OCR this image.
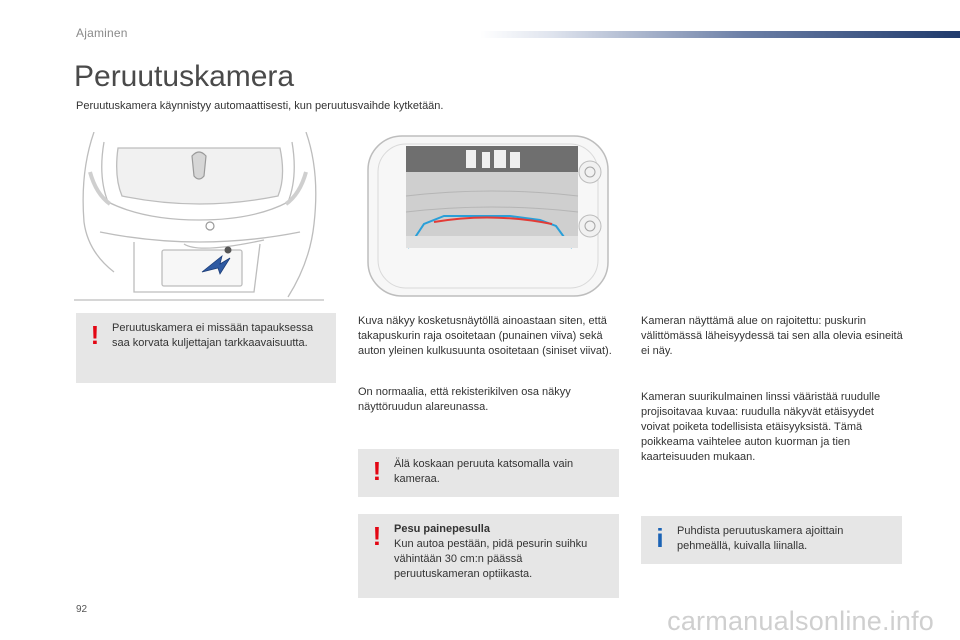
Ajaminen
Peruutuskamera

Peruutuskamera käynnistyy automaattisesti, kun peruutusvaihde kytketään.

!	Peruutuskamera ei missään tapauksessa saa korvata kuljettajan tarkkaavaisuutta.

Kuva näkyy kosketusnäytöllä ainoastaan siten, että takapuskurin raja osoitetaan (punainen viiva) sekä auton yleinen kulkusuunta osoitetaan (siniset viivat).

On normaalia, että rekisterikilven osa näkyy näyttöruudun alareunassa.

Kameran näyttämä alue on rajoitettu: puskurin välittömässä läheisyydessä tai sen alla olevia esineitä ei näy.

Kameran suurikulmainen linssi vääristää ruudulle projisoitavaa kuvaa: ruudulla näkyvät etäisyydet voivat poiketa todellisista etäisyyksistä. Tämä poikkeama vaihtelee auton kuorman ja tien kaarteisuuden mukaan.

!	Älä koskaan peruuta katsomalla vain kameraa.

!	Pesu painepesulla
Kun autoa pestään, pidä pesurin suihku vähintään 30 cm:n päässä peruutuskameran optiikasta.

i	Puhdista peruutuskamera ajoittain pehmeällä, kuivalla liinalla.

92	carmanualsonline.info
